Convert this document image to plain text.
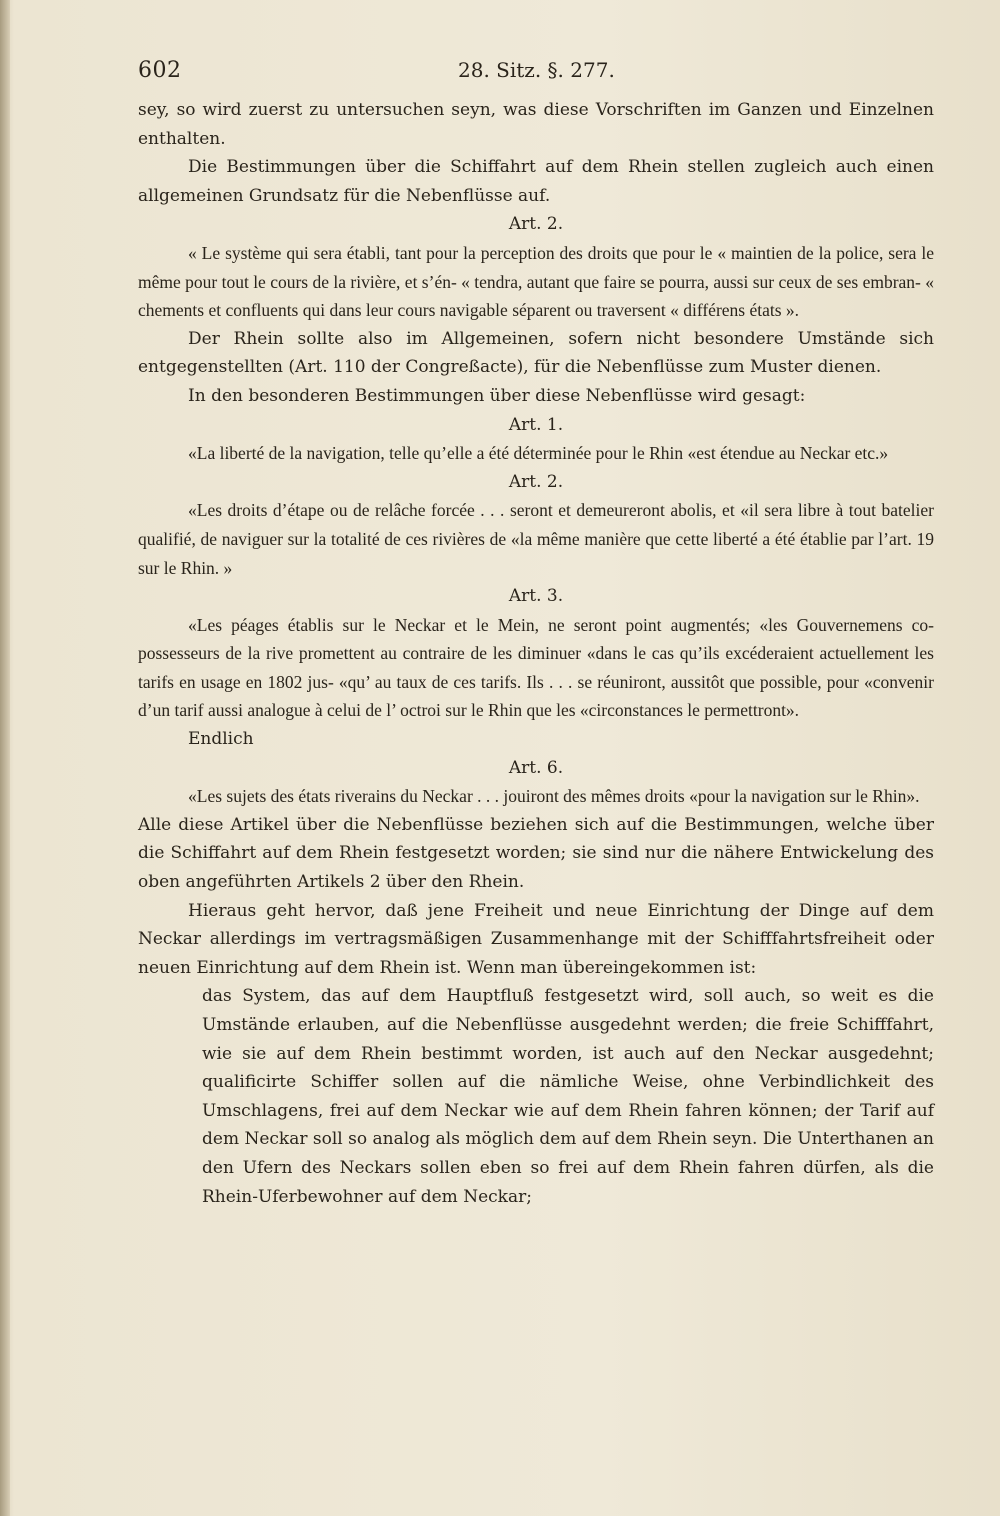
602	28. Sitz. §. 277.

sey, so wird zuerst zu untersuchen seyn, was diese Vorschriften im Ganzen und Einzelnen enthalten.

Die Bestimmungen über die Schiffahrt auf dem Rhein stellen zugleich auch einen allgemeinen Grundsatz für die Nebenflüsse auf.

Art. 2.

« Le système qui sera établi, tant pour la perception des droits que pour le « maintien de la police, sera le même pour tout le cours de la rivière, et s’én- « tendra, autant que faire se pourra, aussi sur ceux de ses embran- « chements et confluents qui dans leur cours navigable séparent ou traversent « différens états ».

Der Rhein sollte also im Allgemeinen, sofern nicht besondere Umstände sich entgegenstellten (Art. 110 der Congreßacte), für die Nebenflüsse zum Muster dienen.

In den besonderen Bestimmungen über diese Nebenflüsse wird gesagt:

Art. 1.

«La liberté de la navigation, telle qu’elle a été déterminée pour le Rhin «est étendue au Neckar etc.»

Art. 2.

«Les droits d’étape ou de relâche forcée . . . seront et demeureront abolis, et «il sera libre à tout batelier qualifié, de naviguer sur la totalité de ces rivières de «la même manière que cette liberté a été établie par l’art. 19 sur le Rhin. »

Art. 3.

«Les péages établis sur le Neckar et le Mein, ne seront point augmentés; «les Gouvernemens co-possesseurs de la rive promettent au contraire de les diminuer «dans le cas qu’ils excéderaient actuellement les tarifs en usage en 1802 jus- «qu’ au taux de ces tarifs. Ils . . . se réuniront, aussitôt que possible, pour «convenir d’un tarif aussi analogue à celui de l’ octroi sur le Rhin que les «circonstances le permettront».

Endlich

Art. 6.

«Les sujets des états riverains du Neckar . . . jouiront des mêmes droits «pour la navigation sur le Rhin».

Alle diese Artikel über die Nebenflüsse beziehen sich auf die Bestimmungen, welche über die Schiffahrt auf dem Rhein festgesetzt worden; sie sind nur die nähere Entwickelung des oben angeführten Artikels 2 über den Rhein.

Hieraus geht hervor, daß jene Freiheit und neue Einrichtung der Dinge auf dem Neckar allerdings im vertragsmäßigen Zusammenhange mit der Schifffahrtsfreiheit oder neuen Einrichtung auf dem Rhein ist. Wenn man übereingekommen ist:

das System, das auf dem Hauptfluß festgesetzt wird, soll auch, so weit es die Umstände erlauben, auf die Nebenflüsse ausgedehnt werden; die freie Schifffahrt, wie sie auf dem Rhein bestimmt worden, ist auch auf den Neckar ausgedehnt; qualificirte Schiffer sollen auf die nämliche Weise, ohne Verbindlichkeit des Umschlagens, frei auf dem Neckar wie auf dem Rhein fahren können; der Tarif auf dem Neckar soll so analog als möglich dem auf dem Rhein seyn. Die Unterthanen an den Ufern des Neckars sollen eben so frei auf dem Rhein fahren dürfen, als die Rhein-Uferbewohner auf dem Neckar;
